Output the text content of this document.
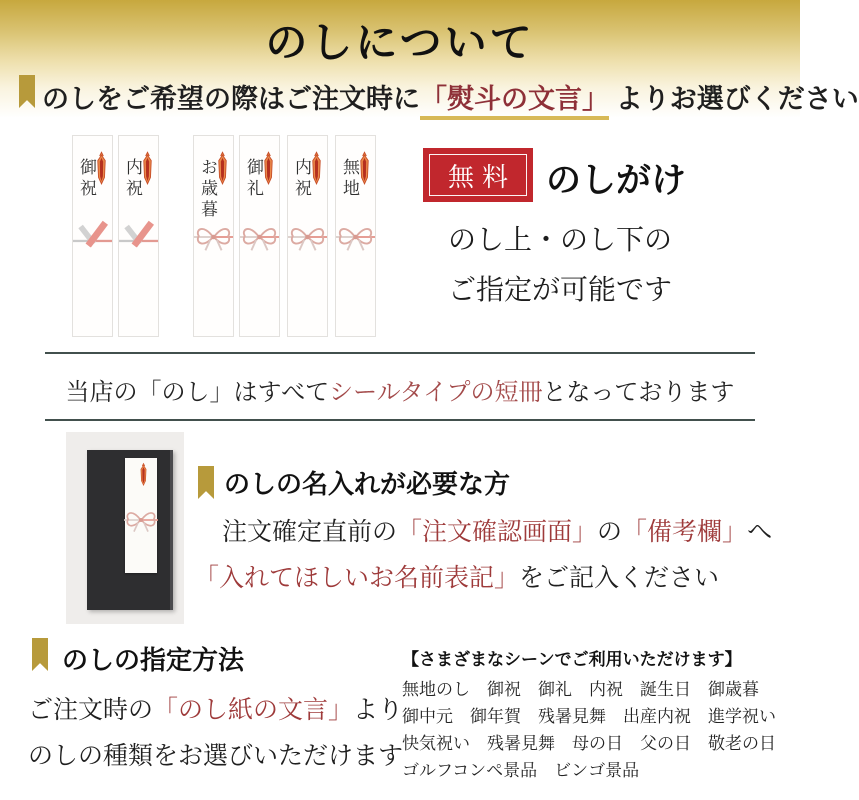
のしについて
のしをご希望の際はご注文時に「熨斗の文言」 よりお選びください
御祝 内祝	お歳暮 御礼 内祝 無地	無料 のしがけ
のし上・のし下の
ご指定が可能です
当店の「のし」はすべてシールタイプの短冊となっております
のしの名入れが必要な方
注文確定直前の「注文確認画面」の「備考欄」へ
「入れてほしいお名前表記」をご記入ください
のしの指定方法
ご注文時の「のし紙の文言」より
のしの種類をお選びいただけます
【さまざまなシーンでご利用いただけます】
無地のし　御祝　御礼　内祝　誕生日　御歳暮
御中元　御年賀　残暑見舞　出産内祝　進学祝い
快気祝い　残暑見舞　母の日　父の日　敬老の日
ゴルフコンペ景品　ビンゴ景品
